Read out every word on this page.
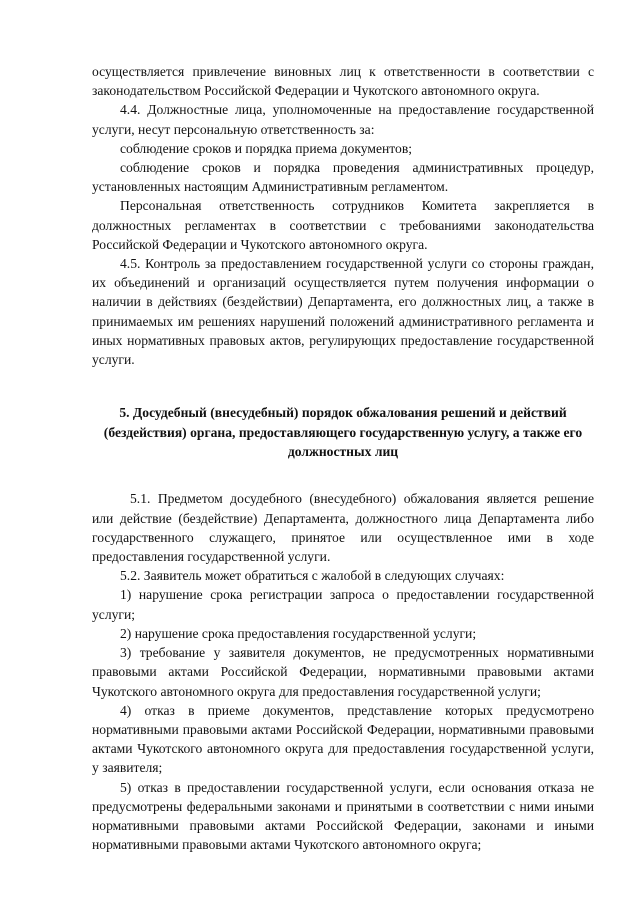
осуществляется привлечение виновных лиц к ответственности в соответствии с законодательством Российской Федерации и Чукотского автономного округа.

4.4. Должностные лица, уполномоченные на предоставление государственной услуги, несут персональную ответственность за:

соблюдение сроков и порядка приема документов;

соблюдение сроков и порядка проведения административных процедур, установленных настоящим Административным регламентом.

Персональная ответственность сотрудников Комитета закрепляется в должностных регламентах в соответствии с требованиями законодательства Российской Федерации и Чукотского автономного округа.

4.5. Контроль за предоставлением государственной услуги со стороны граждан, их объединений и организаций осуществляется путем получения информации о наличии в действиях (бездействии) Департамента, его должностных лиц, а также в принимаемых им решениях нарушений положений административного регламента и иных нормативных правовых актов, регулирующих предоставление государственной услуги.

5. Досудебный (внесудебный) порядок обжалования решений и действий (бездействия) органа, предоставляющего государственную услугу, а также его должностных лиц

5.1. Предметом досудебного (внесудебного) обжалования является решение или действие (бездействие) Департамента, должностного лица Департамента либо государственного служащего, принятое или осуществленное ими в ходе предоставления государственной услуги.

5.2. Заявитель может обратиться с жалобой в следующих случаях:

1) нарушение срока регистрации запроса о предоставлении государственной услуги;

2) нарушение срока предоставления государственной услуги;

3) требование у заявителя документов, не предусмотренных нормативными правовыми актами Российской Федерации, нормативными правовыми актами Чукотского автономного округа для предоставления государственной услуги;

4) отказ в приеме документов, представление которых предусмотрено нормативными правовыми актами Российской Федерации, нормативными правовыми актами Чукотского автономного округа для предоставления государственной услуги, у заявителя;

5) отказ в предоставлении государственной услуги, если основания отказа не предусмотрены федеральными законами и принятыми в соответствии с ними иными нормативными правовыми актами Российской Федерации, законами и иными нормативными правовыми актами Чукотского автономного округа;
